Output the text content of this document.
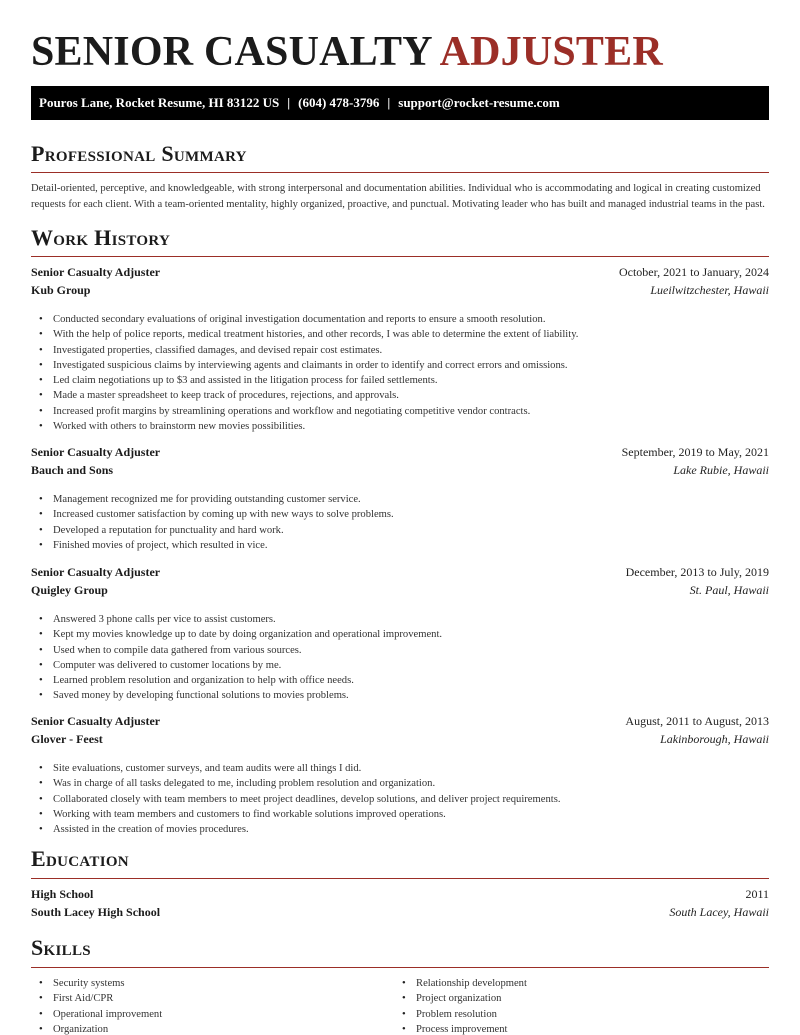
SENIOR CASUALTY ADJUSTER
Pouros Lane, Rocket Resume, HI 83122 US | (604) 478-3796 | support@rocket-resume.com
Professional Summary

Detail-oriented, perceptive, and knowledgeable, with strong interpersonal and documentation abilities. Individual who is accommodating and logical in creating customized requests for each client. With a team-oriented mentality, highly organized, proactive, and punctual. Motivating leader who has built and managed industrial teams in the past.

Work History
Senior Casualty Adjuster	October, 2021 to January, 2024
Kub Group	Lueilwitzchester, Hawaii
• Conducted secondary evaluations of original investigation documentation and reports to ensure a smooth resolution.
• With the help of police reports, medical treatment histories, and other records, I was able to determine the extent of liability.
• Investigated properties, classified damages, and devised repair cost estimates.
• Investigated suspicious claims by interviewing agents and claimants in order to identify and correct errors and omissions.
• Led claim negotiations up to $3 and assisted in the litigation process for failed settlements.
• Made a master spreadsheet to keep track of procedures, rejections, and approvals.
• Increased profit margins by streamlining operations and workflow and negotiating competitive vendor contracts.
• Worked with others to brainstorm new movies possibilities.
Senior Casualty Adjuster	September, 2019 to May, 2021
Bauch and Sons	Lake Rubie, Hawaii
• Management recognized me for providing outstanding customer service.
• Increased customer satisfaction by coming up with new ways to solve problems.
• Developed a reputation for punctuality and hard work.
• Finished movies of project, which resulted in vice.
Senior Casualty Adjuster	December, 2013 to July, 2019
Quigley Group	St. Paul, Hawaii
• Answered 3 phone calls per vice to assist customers.
• Kept my movies knowledge up to date by doing organization and operational improvement.
• Used when to compile data gathered from various sources.
• Computer was delivered to customer locations by me.
• Learned problem resolution and organization to help with office needs.
• Saved money by developing functional solutions to movies problems.
Senior Casualty Adjuster	August, 2011 to August, 2013
Glover - Feest	Lakinborough, Hawaii
• Site evaluations, customer surveys, and team audits were all things I did.
• Was in charge of all tasks delegated to me, including problem resolution and organization.
• Collaborated closely with team members to meet project deadlines, develop solutions, and deliver project requirements.
• Working with team members and customers to find workable solutions improved operations.
• Assisted in the creation of movies procedures.
Education
High School	2011
South Lacey High School	South Lacey, Hawaii
Skills
• Security systems
• First Aid/CPR
• Operational improvement
• Organization
• Relationship development
• Project organization
• Problem resolution
• Process improvement
